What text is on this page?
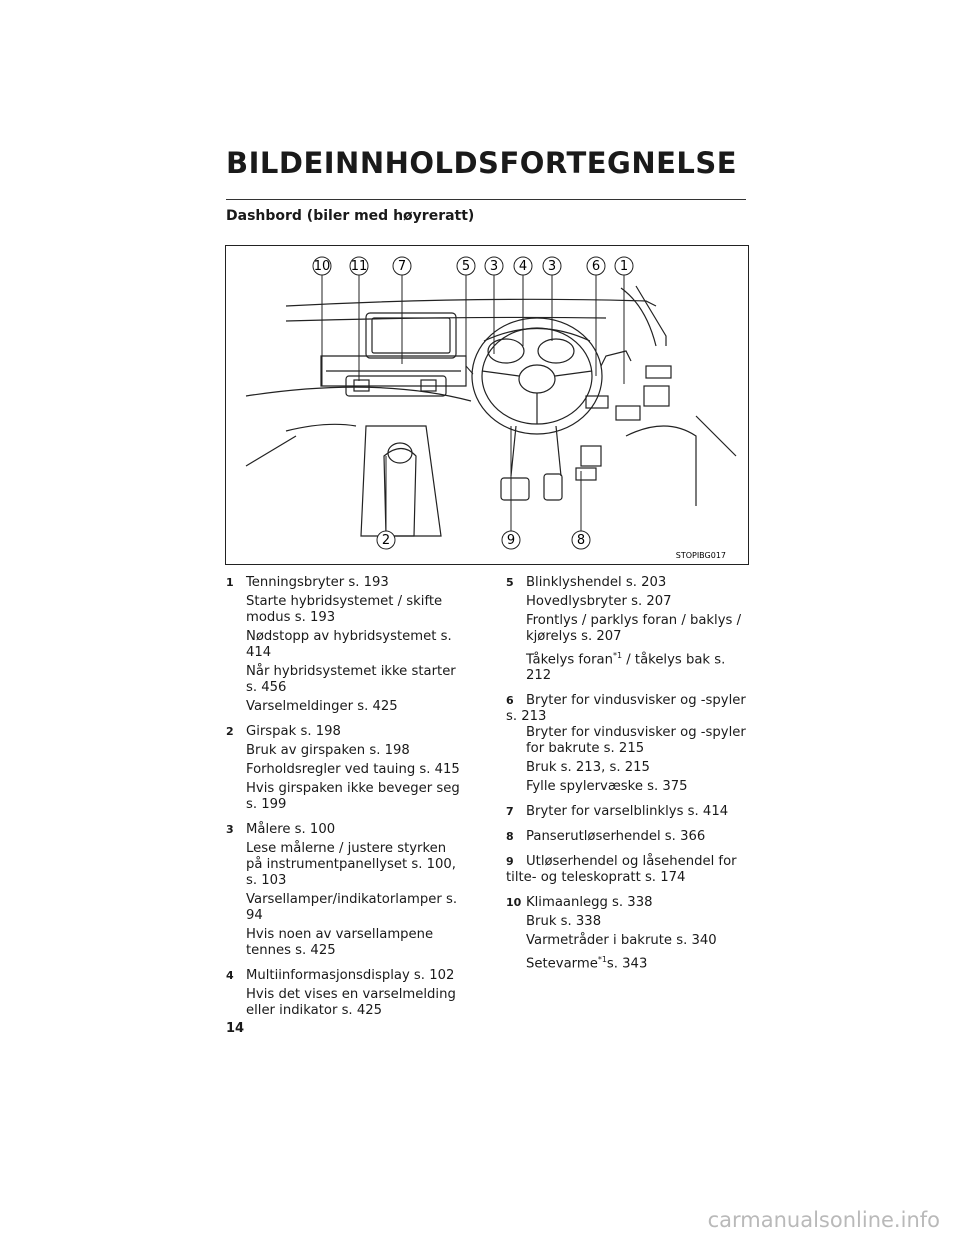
BILDEINNHOLDSFORTEGNELSE
Dashbord (biler med høyreratt)
10 11 7	5 3 4 3	6 1
2	9	8
STOPIBG017
1 Tenningsbryter s. 193

Starte hybridsystemet / skifte modus s. 193

Nødstopp av hybridsystemet s. 414

Når hybridsystemet ikke starter s. 456

Varselmeldinger s. 425

2 Girspak s. 198

Bruk av girspaken s. 198

Forholdsregler ved tauing s. 415

Hvis girspaken ikke beveger seg s. 199

3 Målere s. 100

Lese målerne / justere styrken på instrumentpanellyset s. 100, s. 103

Varsellamper/indikatorlamper s. 94

Hvis noen av varsellampene tennes s. 425

4 Multiinformasjonsdisplay s. 102

Hvis det vises en varselmelding eller indikator s. 425

5 Blinklyshendel s. 203

Hovedlysbryter s. 207

Frontlys / parklys foran / baklys / kjørelys s. 207

Tåkelys foran$^{*1}$ / tåkelys bak s. 212

6 Bryter for vindusvisker og -spyler

s. 213

Bryter for vindusvisker og -spyler for bakrute s. 215

Bruk s. 213, s. 215

Fylle spylervæske s. 375

7 Bryter for varselblinklys s. 414
8 Panserutløserhendel s. 366
9 Utløserhendel og låsehendel for

tilte- og teleskopratt s. 174

10 Klimaanlegg s. 338

Bruk s. 338

Varmetråder i bakrute s. 340

Setevarme$^{*1}$s. 343

14
carmanualsonline.info
